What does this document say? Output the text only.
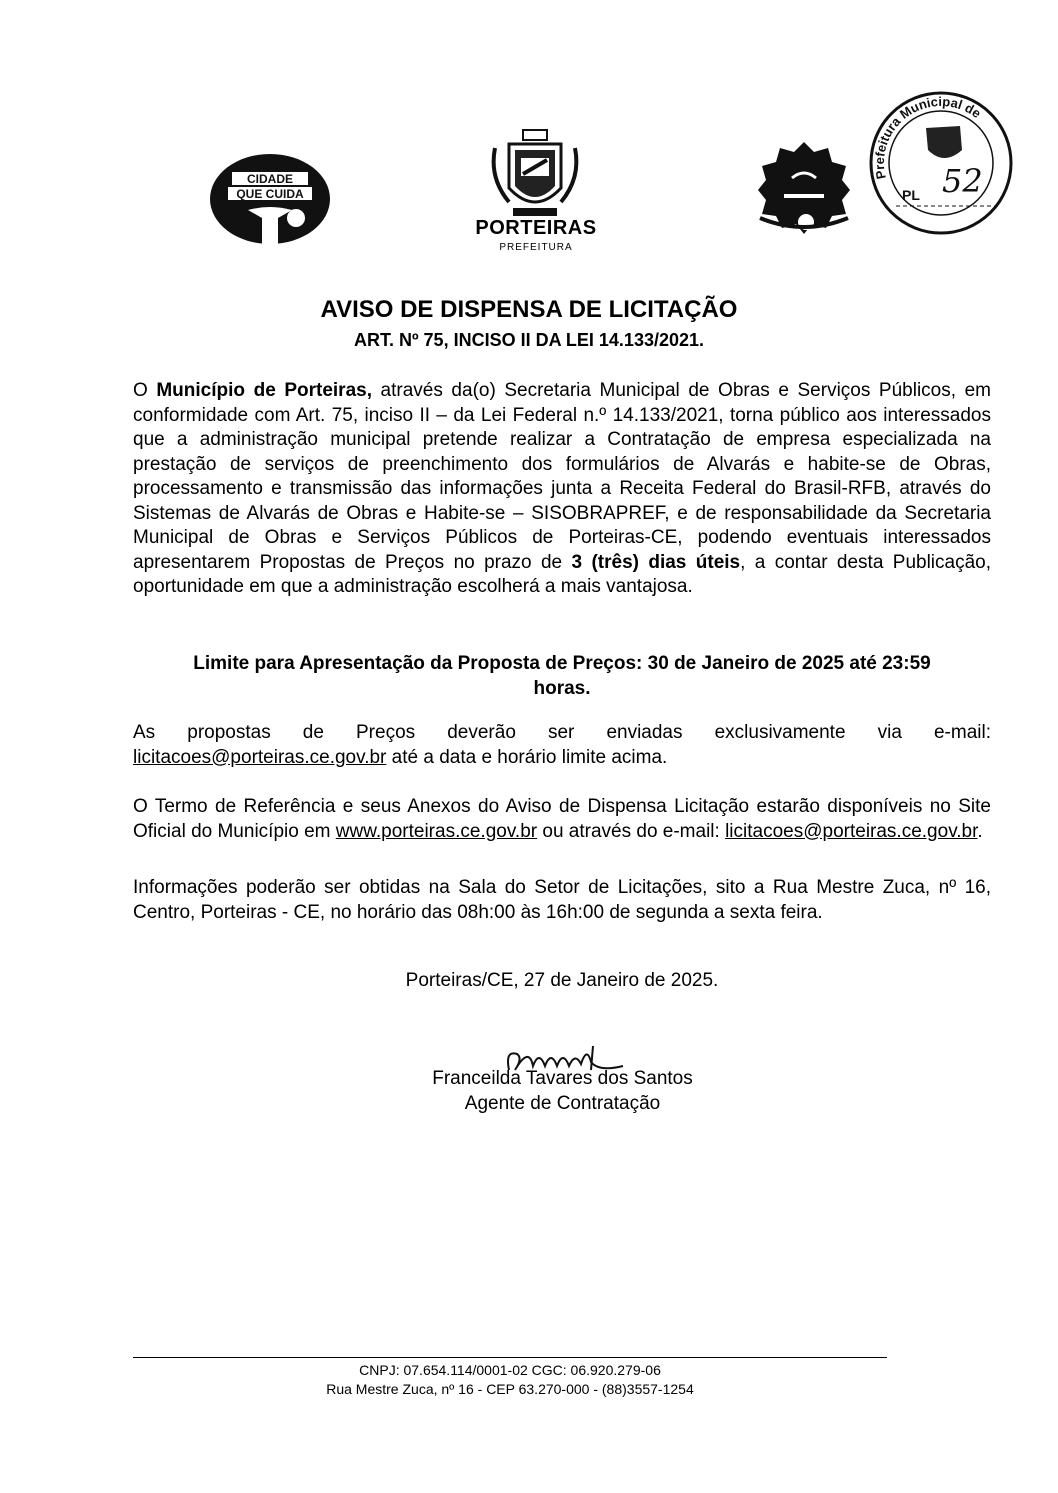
CIDADE
QUE CUIDA
PORTEIRAS
PREFEITURA
Prefeitura Municipal de
PL 52
AVISO DE DISPENSA DE LICITAÇÃO
ART. Nº 75, INCISO II DA LEI 14.133/2021.
O Município de Porteiras, através da(o) Secretaria Municipal de Obras e Serviços Públicos, em conformidade com Art. 75, inciso II – da Lei Federal n.º 14.133/2021, torna público aos interessados que a administração municipal pretende realizar a Contratação de empresa especializada na prestação de serviços de preenchimento dos formulários de Alvarás e habite-se de Obras, processamento e transmissão das informações junta a Receita Federal do Brasil-RFB, através do Sistemas de Alvarás de Obras e Habite-se – SISOBRAPREF, e de responsabilidade da Secretaria Municipal de Obras e Serviços Públicos de Porteiras-CE, podendo eventuais interessados apresentarem Propostas de Preços no prazo de 3 (três) dias úteis, a contar desta Publicação, oportunidade em que a administração escolherá a mais vantajosa.
Limite para Apresentação da Proposta de Preços: 30 de Janeiro de 2025 até 23:59
horas.
As propostas de Preços deverão ser enviadas exclusivamente via e-mail: licitacoes@porteiras.ce.gov.br até a data e horário limite acima.
O Termo de Referência e seus Anexos do Aviso de Dispensa Licitação estarão disponíveis no Site Oficial do Município em www.porteiras.ce.gov.br ou através do e-mail: licitacoes@porteiras.ce.gov.br.
Informações poderão ser obtidas na Sala do Setor de Licitações, sito a Rua Mestre Zuca, nº 16, Centro, Porteiras - CE, no horário das 08h:00 às 16h:00 de segunda a sexta feira.
Porteiras/CE, 27 de Janeiro de 2025.
Franceilda Tavares dos Santos
Agente de Contratação
CNPJ: 07.654.114/0001-02 CGC: 06.920.279-06
Rua Mestre Zuca, nº 16 - CEP 63.270-000 - (88)3557-1254
